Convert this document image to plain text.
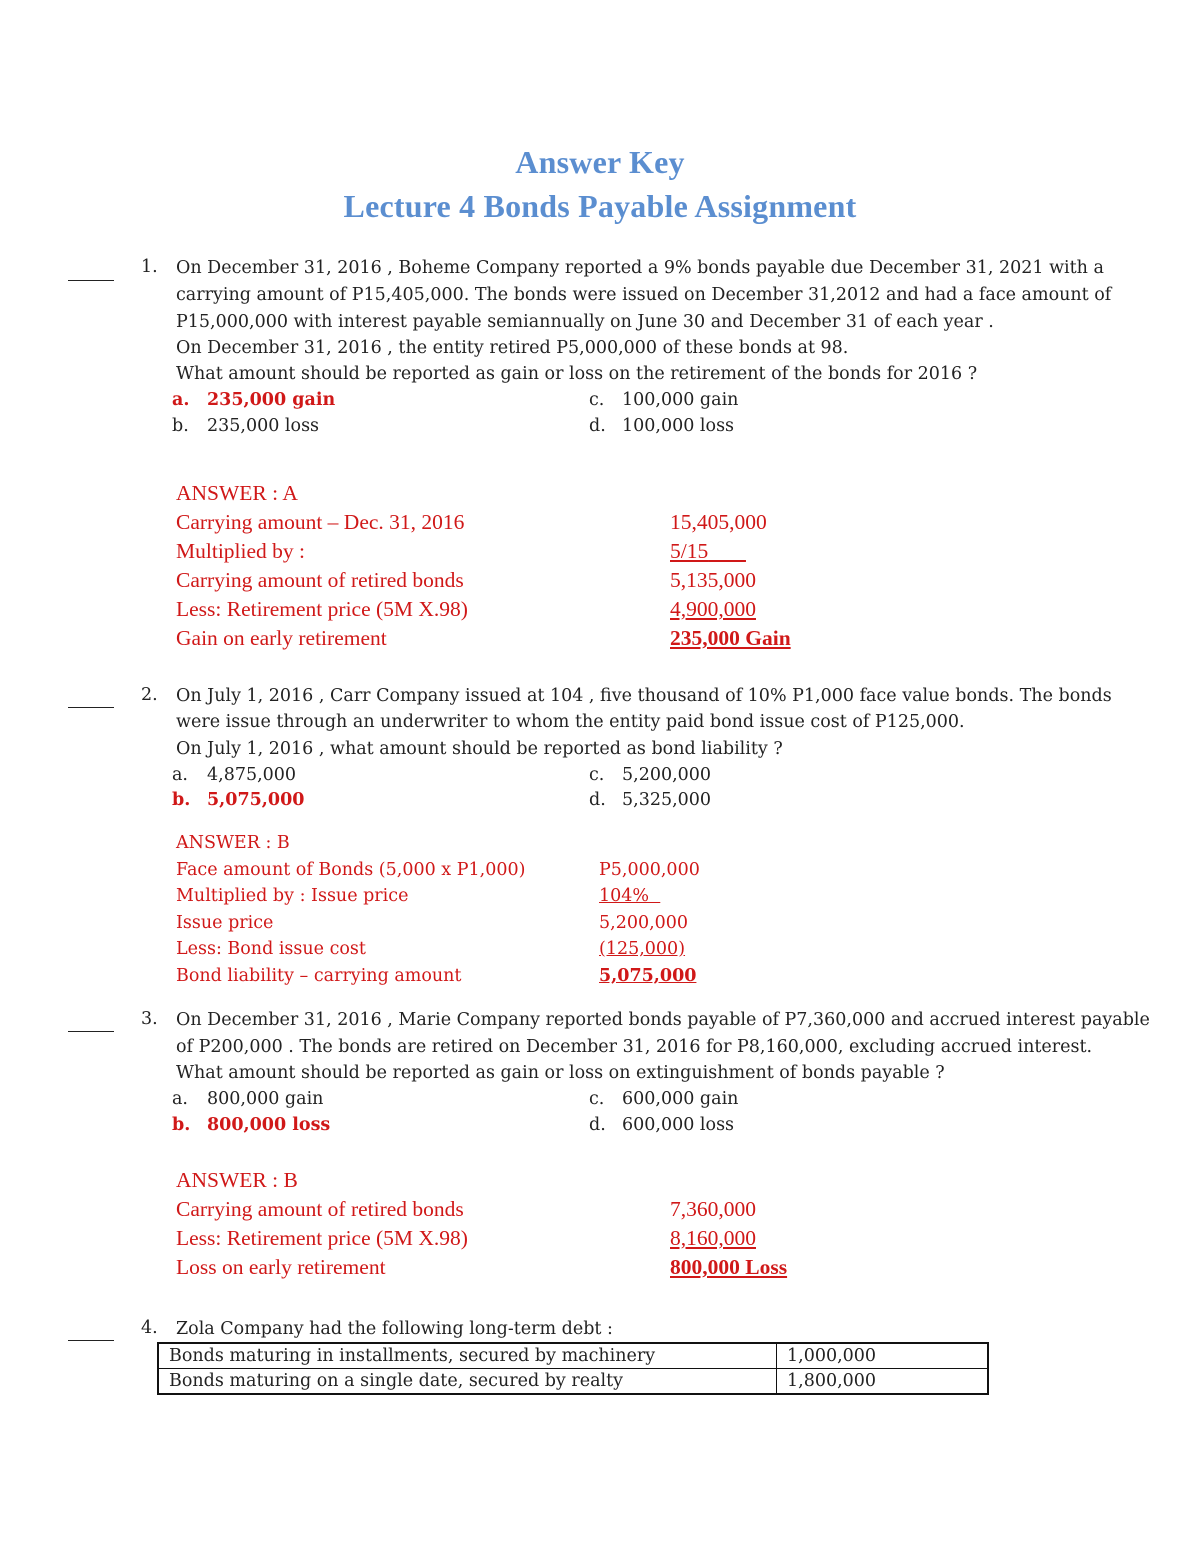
Answer Key
Lecture 4 Bonds Payable Assignment
1. On December 31, 2016 , Boheme Company reported a 9% bonds payable due December 31, 2021 with a
carrying amount of P15,405,000. The bonds were issued on December 31,2012 and had a face amount of
P15,000,000 with interest payable semiannually on June 30 and December 31 of each year .
On December 31, 2016 , the entity retired P5,000,000 of these bonds at 98.
What amount should be reported as gain or loss on the retirement of the bonds for 2016 ?
a. 235,000 gain
b. 235,000 loss
c. 100,000 gain
d. 100,000 loss
ANSWER : A
Carrying amount – Dec. 31, 2016	15,405,000
Multiplied by :	5/15
Carrying amount of retired bonds	5,135,000
Less: Retirement price (5M X.98)	4,900,000
Gain on early retirement	235,000 Gain
2. On July 1, 2016 , Carr Company issued at 104 , five thousand of 10% P1,000 face value bonds. The bonds
were issue through an underwriter to whom the entity paid bond issue cost of P125,000.
On July 1, 2016 , what amount should be reported as bond liability ?
a. 4,875,000
b. 5,075,000
c. 5,200,000
d. 5,325,000
ANSWER : B
Face amount of Bonds (5,000 x P1,000)	P5,000,000
Multiplied by : Issue price	104%
Issue price	5,200,000
Less: Bond issue cost	(125,000)
Bond liability – carrying amount	5,075,000
3. On December 31, 2016 , Marie Company reported bonds payable of P7,360,000 and accrued interest payable
of P200,000 . The bonds are retired on December 31, 2016 for P8,160,000, excluding accrued interest.
What amount should be reported as gain or loss on extinguishment of bonds payable ?
a. 800,000 gain
b. 800,000 loss
c. 600,000 gain
d. 600,000 loss
ANSWER : B
Carrying amount of retired bonds	7,360,000
Less: Retirement price (5M X.98)	8,160,000
Loss on early retirement	800,000 Loss
4. Zola Company had the following long-term debt :
Bonds maturing in installments, secured by machinery	1,000,000
Bonds maturing on a single date, secured by realty	1,800,000
